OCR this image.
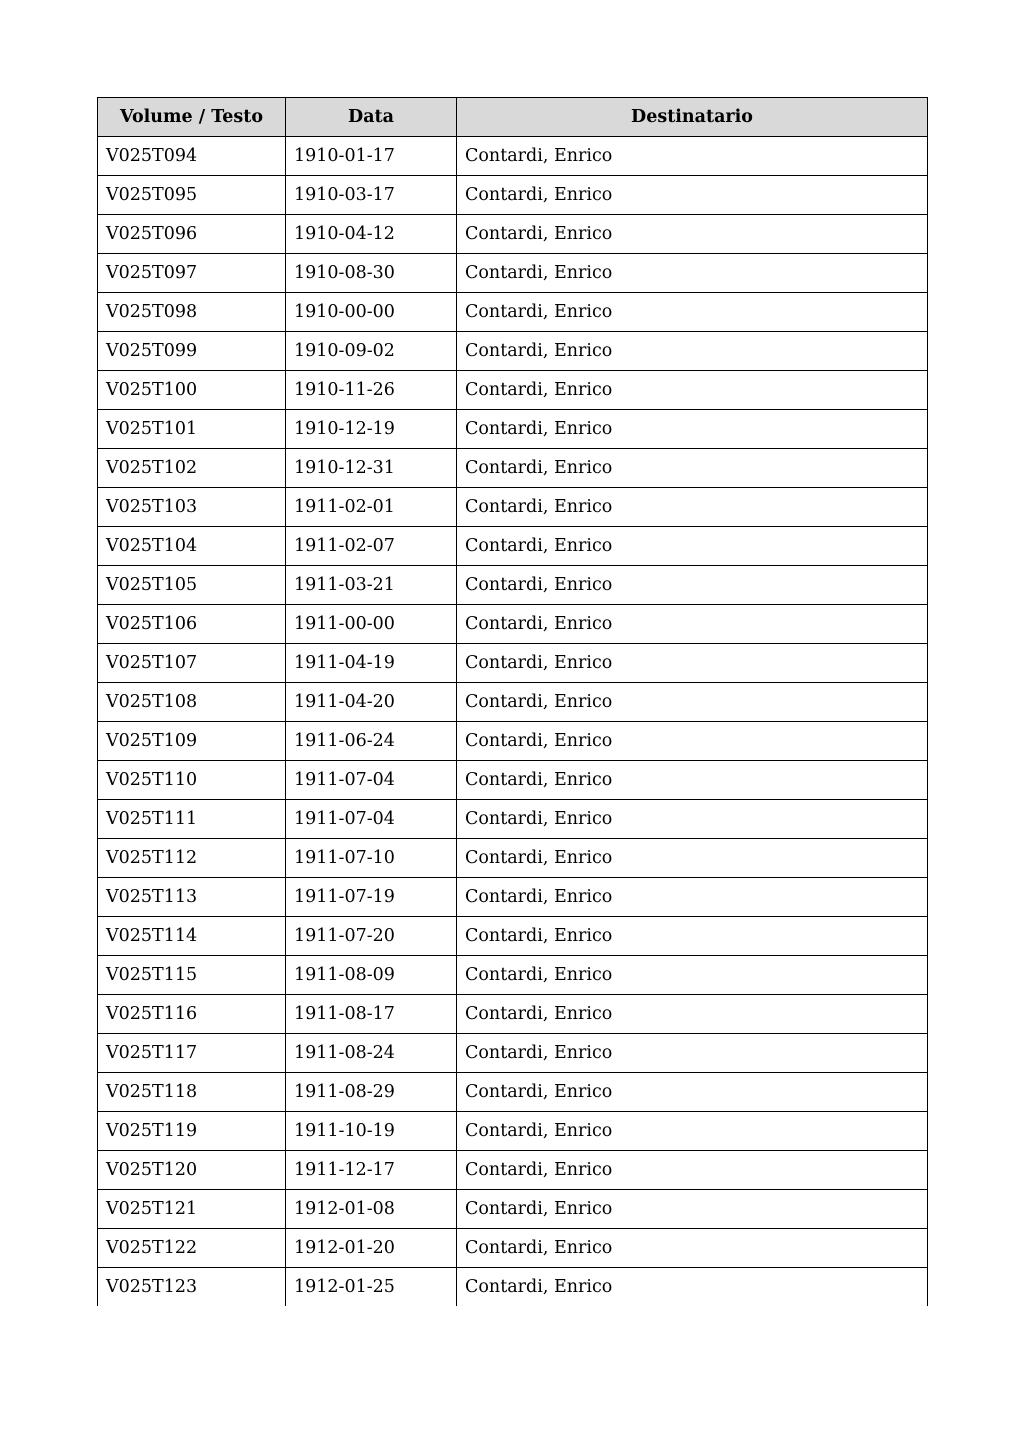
Volume / Testo	Data	Destinatario
V025T094	1910-01-17	Contardi, Enrico
V025T095	1910-03-17	Contardi, Enrico
V025T096	1910-04-12	Contardi, Enrico
V025T097	1910-08-30	Contardi, Enrico
V025T098	1910-00-00	Contardi, Enrico
V025T099	1910-09-02	Contardi, Enrico
V025T100	1910-11-26	Contardi, Enrico
V025T101	1910-12-19	Contardi, Enrico
V025T102	1910-12-31	Contardi, Enrico
V025T103	1911-02-01	Contardi, Enrico
V025T104	1911-02-07	Contardi, Enrico
V025T105	1911-03-21	Contardi, Enrico
V025T106	1911-00-00	Contardi, Enrico
V025T107	1911-04-19	Contardi, Enrico
V025T108	1911-04-20	Contardi, Enrico
V025T109	1911-06-24	Contardi, Enrico
V025T110	1911-07-04	Contardi, Enrico
V025T111	1911-07-04	Contardi, Enrico
V025T112	1911-07-10	Contardi, Enrico
V025T113	1911-07-19	Contardi, Enrico
V025T114	1911-07-20	Contardi, Enrico
V025T115	1911-08-09	Contardi, Enrico
V025T116	1911-08-17	Contardi, Enrico
V025T117	1911-08-24	Contardi, Enrico
V025T118	1911-08-29	Contardi, Enrico
V025T119	1911-10-19	Contardi, Enrico
V025T120	1911-12-17	Contardi, Enrico
V025T121	1912-01-08	Contardi, Enrico
V025T122	1912-01-20	Contardi, Enrico
V025T123	1912-01-25	Contardi, Enrico
